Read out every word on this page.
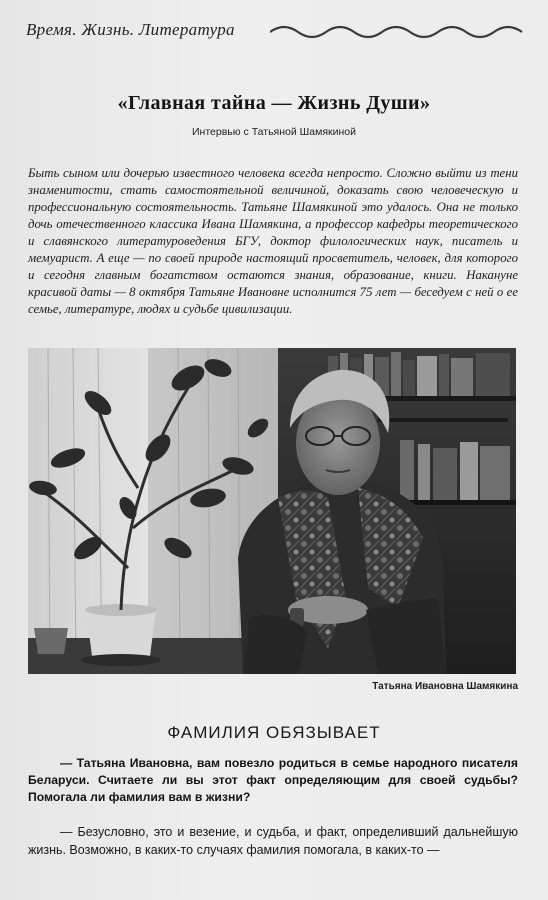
Время. Жизнь. Литература
«Главная тайна — Жизнь Души»
Интервью с Татьяной Шамякиной
Быть сыном или дочерью известного человека всегда непросто. Сложно выйти из тени знаменитости, стать самостоятельной величиной, доказать свою человеческую и профессиональную состоятельность. Татьяне Шамякиной это удалось. Она не только дочь отечественного классика Ивана Шамякина, а профессор кафедры теоретического и славянского литературоведения БГУ, доктор филологических наук, писатель и мемуарист. А еще — по своей природе настоящий просветитель, человек, для которого и сегодня главным богатством остаются знания, образование, книги. Накануне красивой даты — 8 октября Татьяне Ивановне исполнится 75 лет — беседуем с ней о ее семье, литературе, людях и судьбе цивилизации.
Татьяна Ивановна Шамякина
ФАМИЛИЯ ОБЯЗЫВАЕТ
— Татьяна Ивановна, вам повезло родиться в семье народного писателя Беларуси. Считаете ли вы этот факт определяющим для своей судьбы? Помогала ли фамилия вам в жизни?
— Безусловно, это и везение, и судьба, и факт, определивший дальнейшую жизнь. Возможно, в каких-то случаях фамилия помогала, в каких-то —
